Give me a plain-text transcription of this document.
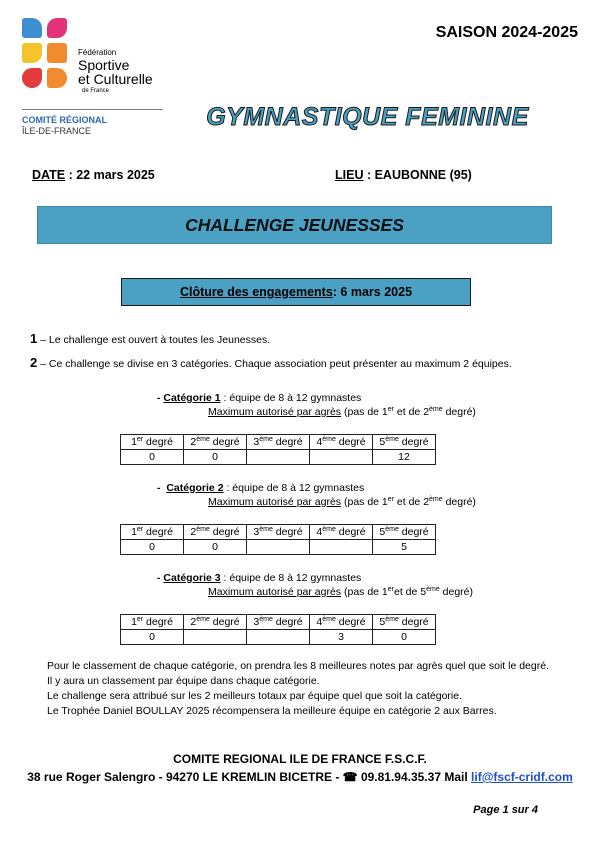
Fédération
Sportive
et Culturelle
de France
COMITÉ RÉGIONAL
ÎLE-DE-FRANCE
SAISON 2024-2025
GYMNASTIQUE FEMININE
DATE : 22 mars 2025	LIEU : EAUBONNE (95)
CHALLENGE JEUNESSES
Clôture des engagements : 6 mars 2025
1 – Le challenge est ouvert à toutes les Jeunesses.
2 – Ce challenge se divise en 3 catégories. Chaque association peut présenter au maximum 2 équipes.
- Catégorie 1 : équipe de 8 à 12 gymnastes
Maximum autorisé par agrès (pas de 1er et de 2ème degré)
1er degré	2ème degré	3ème degré	4ème degré	5ème degré
0	0			12
-  Catégorie 2 : équipe de 8 à 12 gymnastes
Maximum autorisé par agrès (pas de 1er et de 2ème degré)
1er degré	2ème degré	3ème degré	4ème degré	5ème degré
0	0			5
- Catégorie 3 : équipe de 8 à 12 gymnastes
Maximum autorisé par agrès (pas de 1eret de 5ème degré)
1er degré	2ème degré	3ème degré	4ème degré	5ème degré
0			3	0

Pour le classement de chaque catégorie, on prendra les 8 meilleures notes par agrès quel que soit le degré.

Il y aura un classement par équipe dans chaque catégorie.

Le challenge sera attribué sur les 2 meilleurs totaux par équipe quel que soit la catégorie.

Le Trophée Daniel BOULLAY 2025 récompensera la meilleure équipe en catégorie 2 aux Barres.

COMITE REGIONAL ILE DE FRANCE F.S.C.F.
38 rue Roger Salengro - 94270 LE KREMLIN BICETRE - ☎ 09.81.94.35.37 Mail lif@fscf-cridf.com
Page 1 sur 4
